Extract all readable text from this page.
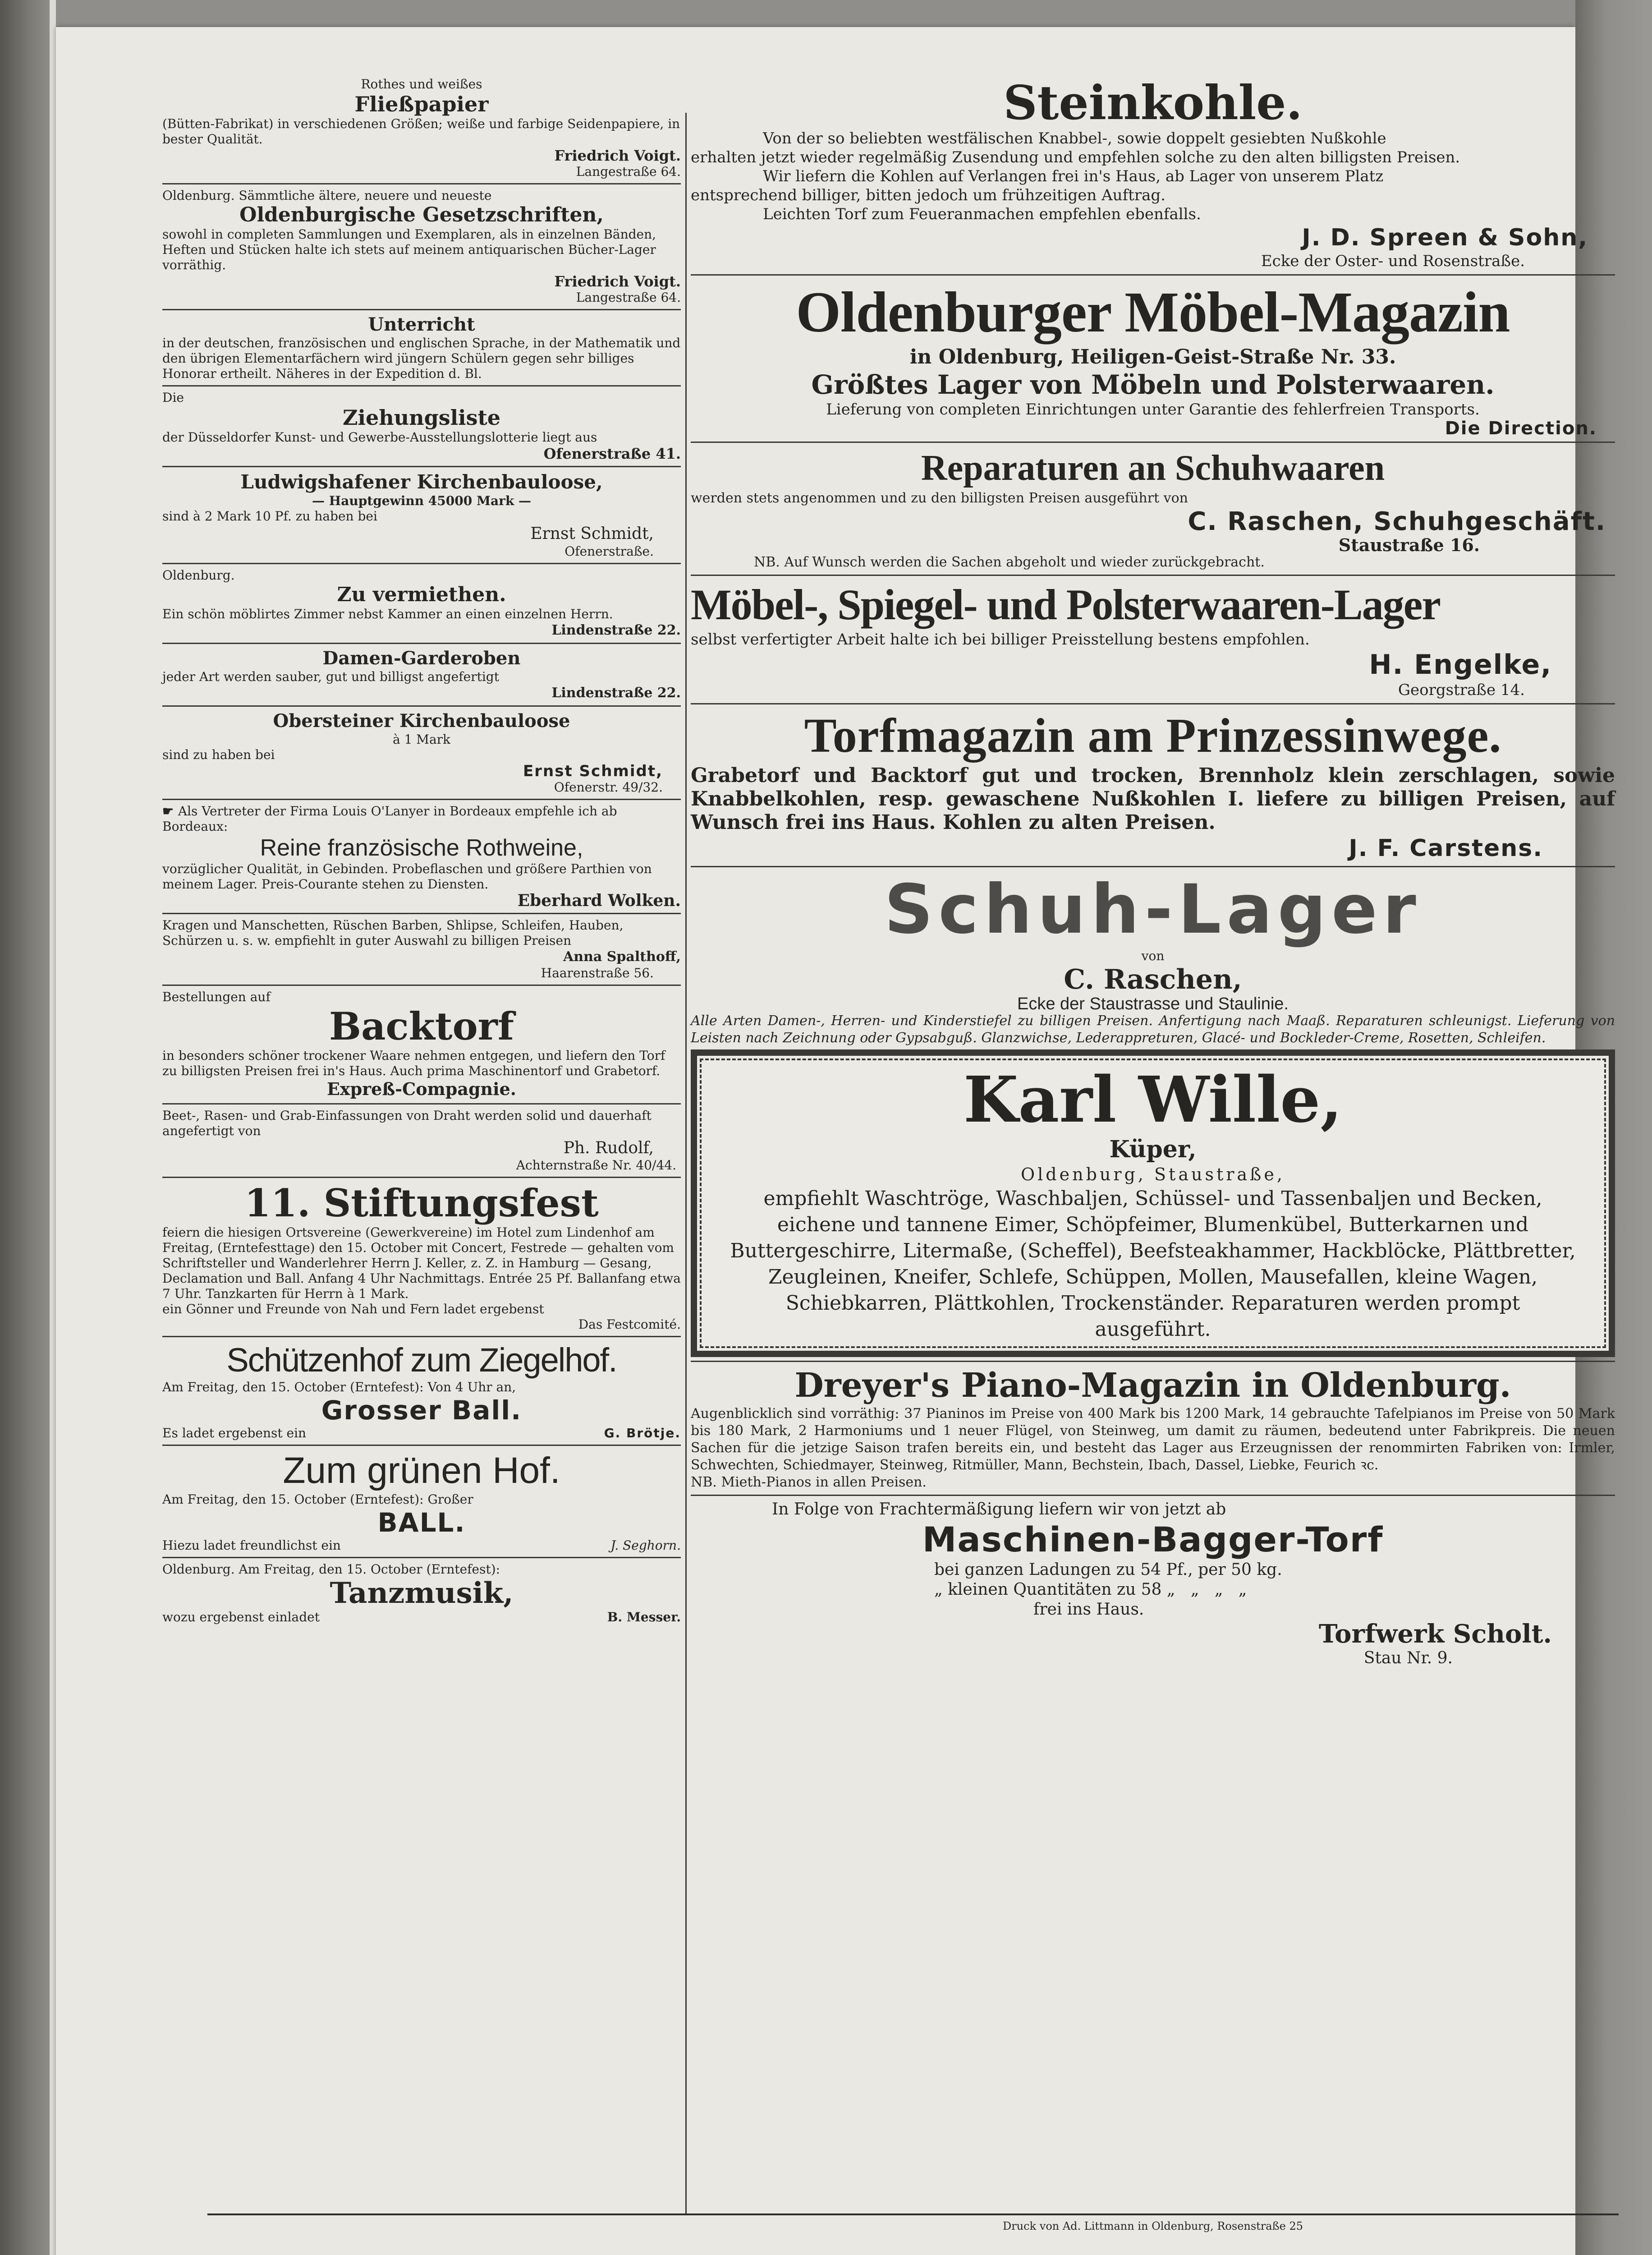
Rothes und weißes
Fließpapier
(Bütten-Fabrikat) in verschiedenen Größen; weiße und farbige Seidenpapiere, in bester Qualität.
Friedrich Voigt.
Langestraße 64.
Oldenburg. Sämmtliche ältere, neuere und neueste
Oldenburgische Gesetzschriften,
sowohl in completen Sammlungen und Exemplaren, als in einzelnen Bänden, Heften und Stücken halte ich stets auf meinem antiquarischen Bücher-Lager vorräthig.
Friedrich Voigt.
Langestraße 64.
Unterricht
in der deutschen, französischen und englischen Sprache, in der Mathematik und den übrigen Elementarfächern wird jüngern Schülern gegen sehr billiges Honorar ertheilt. Näheres in der Expedition d. Bl.
Die
Ziehungsliste
der Düsseldorfer Kunst- und Gewerbe-Ausstellungslotterie liegt aus
Ofenerstraße 41.
Ludwigshafener Kirchenbauloose,
— Hauptgewinn 45000 Mark —
sind à 2 Mark 10 Pf. zu haben bei
Ernst Schmidt,
Ofenerstraße.
Oldenburg.
Zu vermiethen.
Ein schön möblirtes Zimmer nebst Kammer an einen einzelnen Herrn.
Lindenstraße 22.
Damen-Garderoben
jeder Art werden sauber, gut und billigst angefertigt
Lindenstraße 22.
Obersteiner Kirchenbauloose
à 1 Mark
sind zu haben bei
Ernst Schmidt,
Ofenerstr. 49/32.
☛ Als Vertreter der Firma Louis O'Lanyer in Bordeaux empfehle ich ab Bordeaux:
Reine französische Rothweine,
vorzüglicher Qualität, in Gebinden. Probeflaschen und größere Parthien von meinem Lager. Preis-Courante stehen zu Diensten.
Eberhard Wolken.
Kragen und Manschetten, Rüschen Barben, Shlipse, Schleifen, Hauben, Schürzen u. s. w. empfiehlt in guter Auswahl zu billigen Preisen
Anna Spalthoff,
Haarenstraße 56.
Bestellungen auf
Backtorf
in besonders schöner trockener Waare nehmen entgegen, und liefern den Torf zu billigsten Preisen frei in's Haus. Auch prima Maschinentorf und Grabetorf.
Expreß-Compagnie.
Beet-, Rasen- und Grab-Einfassungen von Draht werden solid und dauerhaft angefertigt von
Ph. Rudolf,
Achternstraße Nr. 40/44.
11. Stiftungsfest
feiern die hiesigen Ortsvereine (Gewerkvereine) im Hotel zum Lindenhof am Freitag, (Erntefesttage) den 15. October mit Concert, Festrede — gehalten vom Schriftsteller und Wanderlehrer Herrn J. Keller, z. Z. in Hamburg — Gesang, Declamation und Ball. Anfang 4 Uhr Nachmittags. Entrée 25 Pf. Ballanfang etwa 7 Uhr. Tanzkarten für Herrn à 1 Mark.
ein Gönner und Freunde von Nah und Fern ladet ergebenst
Das Festcomité.
Schützenhof zum Ziegelhof.
Am Freitag, den 15. October (Erntefest): Von 4 Uhr an,
Grosser Ball.
Es ladet ergebenst ein	G. Brötje.
Zum grünen Hof.
Am Freitag, den 15. October (Erntefest): Großer
BALL.
Hiezu ladet freundlichst ein	J. Seghorn.
Oldenburg. Am Freitag, den 15. October (Erntefest):
Tanzmusik,
wozu ergebenst einladet	B. Messer.
Steinkohle.
Von der so beliebten westfälischen Knabbel-, sowie doppelt gesiebten Nußkohle
erhalten jetzt wieder regelmäßig Zusendung und empfehlen solche zu den alten billigsten Preisen.
Wir liefern die Kohlen auf Verlangen frei in's Haus, ab Lager von unserem Platz
entsprechend billiger, bitten jedoch um frühzeitigen Auftrag.
Leichten Torf zum Feueranmachen empfehlen ebenfalls.
J. D. Spreen & Sohn,
Ecke der Oster- und Rosenstraße.
Oldenburger Möbel-Magazin
in Oldenburg, Heiligen-Geist-Straße Nr. 33.
Größtes Lager von Möbeln und Polsterwaaren.
Lieferung von completen Einrichtungen unter Garantie des fehlerfreien Transports.
Die Direction.
Reparaturen an Schuhwaaren
werden stets angenommen und zu den billigsten Preisen ausgeführt von
C. Raschen, Schuhgeschäft.
Staustraße 16.
NB. Auf Wunsch werden die Sachen abgeholt und wieder zurückgebracht.
Möbel-, Spiegel- und Polsterwaaren-Lager
selbst verfertigter Arbeit halte ich bei billiger Preisstellung bestens empfohlen.
H. Engelke,
Georgstraße 14.
Torfmagazin am Prinzessinwege.
Grabetorf und Backtorf gut und trocken, Brennholz klein zerschlagen, sowie Knabbelkohlen, resp. gewaschene Nußkohlen I. liefere zu billigen Preisen, auf Wunsch frei ins Haus. Kohlen zu alten Preisen.
J. F. Carstens.
Schuh-Lager
von
C. Raschen,
Ecke der Staustrasse und Staulinie.
Alle Arten Damen-, Herren- und Kinderstiefel zu billigen Preisen. Anfertigung nach Maaß. Reparaturen schleunigst. Lieferung von Leisten nach Zeichnung oder Gypsabguß. Glanzwichse, Lederappreturen, Glacé- und Bockleder-Creme, Rosetten, Schleifen.
Karl Wille,
Küper,
Oldenburg, Staustraße,
empfiehlt Waschtröge, Waschbaljen, Schüssel- und Tassenbaljen und Becken, eichene und tannene Eimer, Schöpfeimer, Blumenkübel, Butterkarnen und Buttergeschirre, Litermaße, (Scheffel), Beefsteakhammer, Hackblöcke, Plättbretter, Zeugleinen, Kneifer, Schlefe, Schüppen, Mollen, Mausefallen, kleine Wagen, Schiebkarren, Plättkohlen, Trockenständer. Reparaturen werden prompt ausgeführt.
Dreyer's Piano-Magazin in Oldenburg.
Augenblicklich sind vorräthig: 37 Pianinos im Preise von 400 Mark bis 1200 Mark, 14 gebrauchte Tafelpianos im Preise von 50 Mark bis 180 Mark, 2 Harmoniums und 1 neuer Flügel, von Steinweg, um damit zu räumen, bedeutend unter Fabrikpreis. Die neuen Sachen für die jetzige Saison trafen bereits ein, und besteht das Lager aus Erzeugnissen der renommirten Fabriken von: Irmler, Schwechten, Schiedmayer, Steinweg, Ritmüller, Mann, Bechstein, Ibach, Dassel, Liebke, Feurich ꝛc.
NB. Mieth-Pianos in allen Preisen.
In Folge von Frachtermäßigung liefern wir von jetzt ab
Maschinen-Bagger-Torf
bei ganzen Ladungen zu 54 Pf., per 50 kg.
„ kleinen Quantitäten zu 58 „   „   „   „
frei ins Haus.
Torfwerk Scholt.
Stau Nr. 9.
Druck von Ad. Littmann in Oldenburg, Rosenstraße 25
